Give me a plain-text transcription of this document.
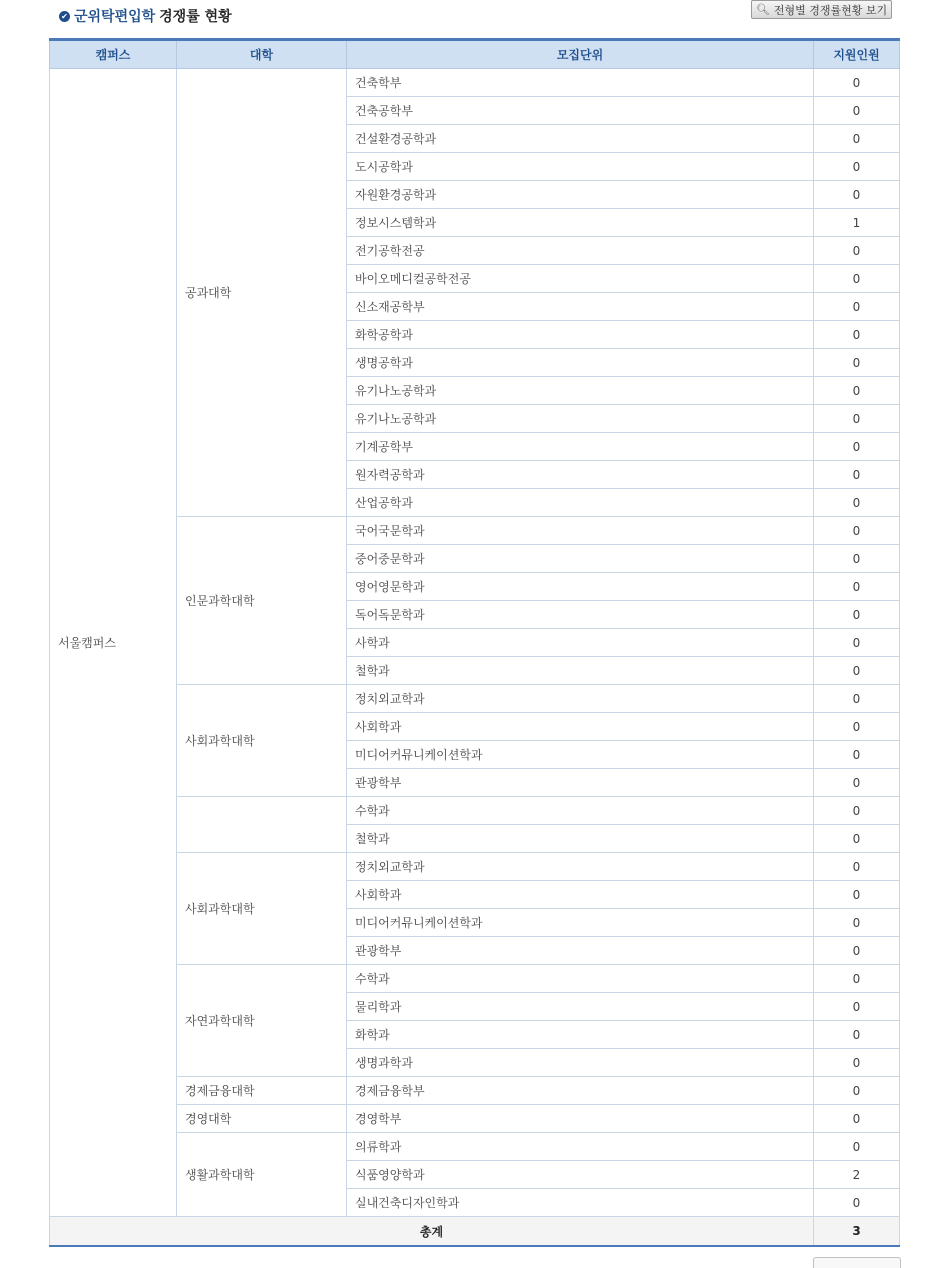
✔ 군위탁편입학 경쟁률 현황	🔍︎ 전형별 경쟁률현황 보기
캠퍼스	대학	모집단위	지원인원
서울캠퍼스	공과대학	건축학부	0
		건축공학부	0
		건설환경공학과	0
		도시공학과	0
		자원환경공학과	0
		정보시스템학과	1
		전기공학전공	0
		바이오메디컬공학전공	0
		신소재공학부	0
		화학공학과	0
		생명공학과	0
		유기나노공학과	0
		유기나노공학과	0
		기계공학부	0
		원자력공학과	0
		산업공학과	0
	인문과학대학	국어국문학과	0
		중어중문학과	0
		영어영문학과	0
		독어독문학과	0
		사학과	0
		철학과	0
	사회과학대학	정치외교학과	0
		사회학과	0
		미디어커뮤니케이션학과	0
		관광학부	0
		수학과	0
		철학과	0
	사회과학대학	정치외교학과	0
		사회학과	0
		미디어커뮤니케이션학과	0
		관광학부	0
	자연과학대학	수학과	0
		물리학과	0
		화학과	0
		생명과학과	0
	경제금융대학	경제금융학부	0
	경영대학	경영학부	0
	생활과학대학	의류학과	0
		식품영양학과	2
		실내건축디자인학과	0
총계			3
